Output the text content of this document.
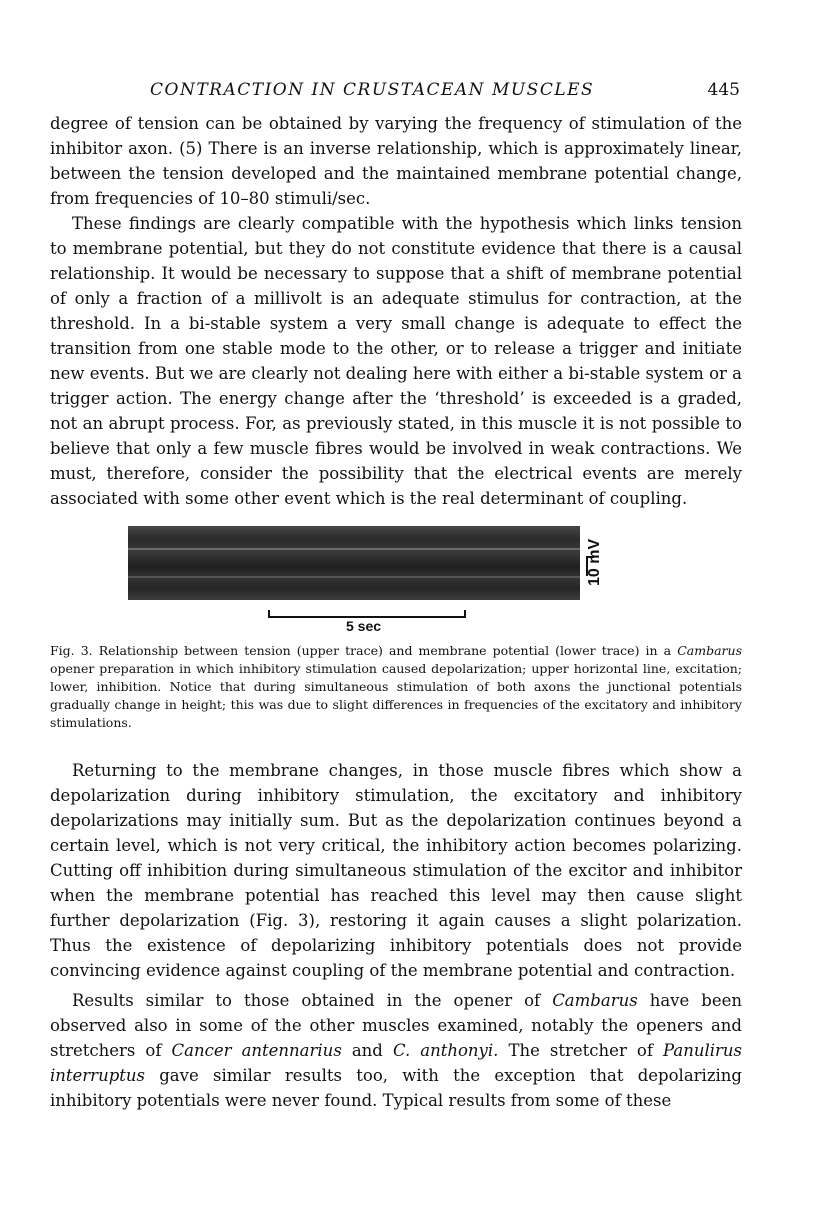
CONTRACTION IN CRUSTACEAN MUSCLES	445

degree of tension can be obtained by varying the frequency of stimulation of the inhibitor axon. (5) There is an inverse relationship, which is approximately linear, between the tension developed and the maintained membrane potential change, from frequencies of 10–80 stimuli/sec.

These findings are clearly compatible with the hypothesis which links tension to membrane potential, but they do not constitute evidence that there is a causal relationship. It would be necessary to suppose that a shift of membrane potential of only a fraction of a millivolt is an adequate stimulus for contraction, at the threshold. In a bi-stable system a very small change is adequate to effect the transition from one stable mode to the other, or to release a trigger and initiate new events. But we are clearly not dealing here with either a bi-stable system or a trigger action. The energy change after the ‘threshold’ is exceeded is a graded, not an abrupt process. For, as previously stated, in this muscle it is not possible to believe that only a few muscle fibres would be involved in weak contractions. We must, therefore, consider the possibility that the electrical events are merely associated with some other event which is the real determinant of coupling.

10 mV
5 sec
Fig. 3. Relationship between tension (upper trace) and membrane potential (lower trace) in a Cambarus opener preparation in which inhibitory stimulation caused depolarization; upper horizontal line, excitation; lower, inhibition. Notice that during simultaneous stimulation of both axons the junctional potentials gradually change in height; this was due to slight differences in frequencies of the excitatory and inhibitory stimulations.

Returning to the membrane changes, in those muscle fibres which show a depolarization during inhibitory stimulation, the excitatory and inhibitory depolarizations may initially sum. But as the depolarization continues beyond a certain level, which is not very critical, the inhibitory action becomes polarizing. Cutting off inhibition during simultaneous stimulation of the excitor and inhibitor when the membrane potential has reached this level may then cause slight further depolarization (Fig. 3), restoring it again causes a slight polarization. Thus the existence of depolarizing inhibitory potentials does not provide convincing evidence against coupling of the membrane potential and contraction.

Results similar to those obtained in the opener of Cambarus have been observed also in some of the other muscles examined, notably the openers and stretchers of Cancer antennarius and C. anthonyi. The stretcher of Panulirus interruptus gave similar results too, with the exception that depolarizing inhibitory potentials were never found. Typical results from some of these
